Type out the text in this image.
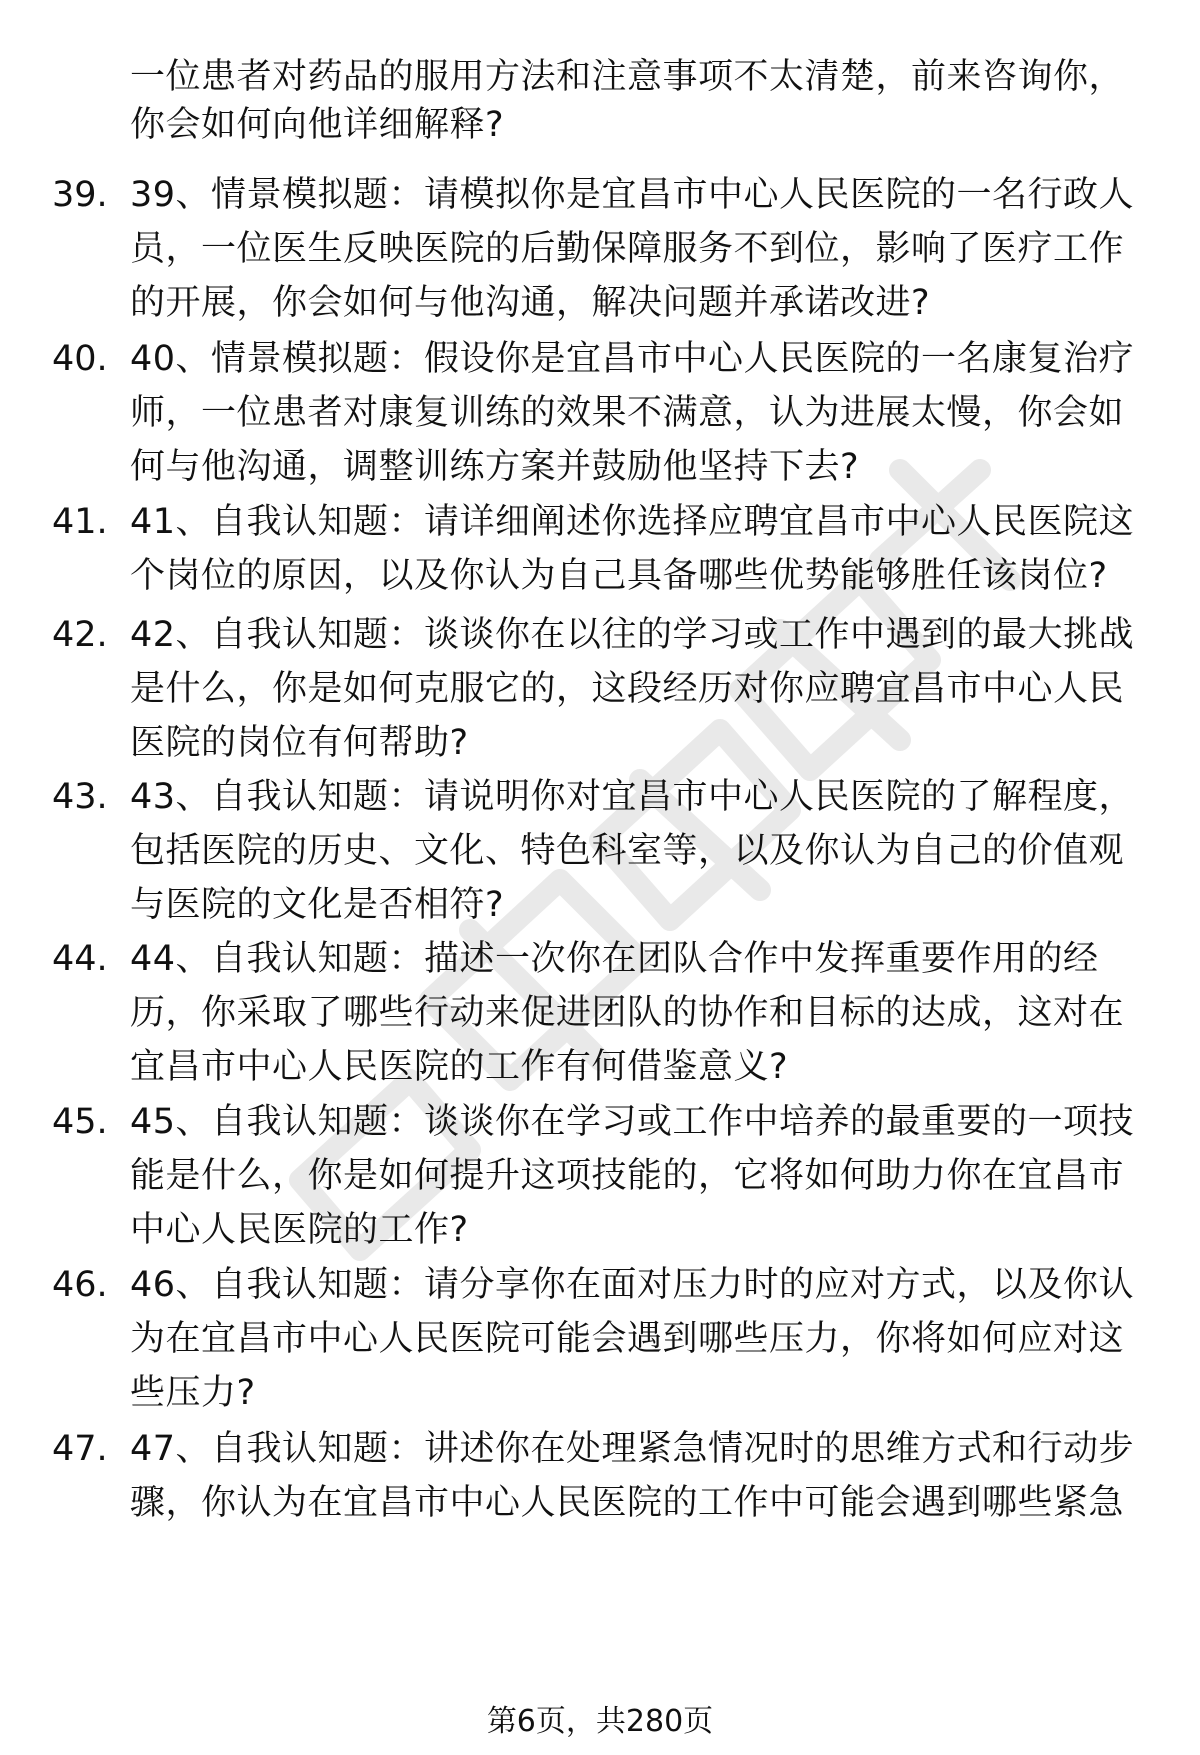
一位患者对药品的服用方法和注意事项不太清楚，前来咨询你，
你会如何向他详细解释?
39. 39、情景模拟题：请模拟你是宜昌市中心人民医院的一名行政人
员，一位医生反映医院的后勤保障服务不到位，影响了医疗工作
的开展，你会如何与他沟通，解决问题并承诺改进?
40. 40、情景模拟题：假设你是宜昌市中心人民医院的一名康复治疗
师，一位患者对康复训练的效果不满意，认为进展太慢，你会如
何与他沟通，调整训练方案并鼓励他坚持下去?
41. 41、自我认知题：请详细阐述你选择应聘宜昌市中心人民医院这
个岗位的原因，以及你认为自己具备哪些优势能够胜任该岗位?
42. 42、自我认知题：谈谈你在以往的学习或工作中遇到的最大挑战
是什么，你是如何克服它的，这段经历对你应聘宜昌市中心人民
医院的岗位有何帮助?
43. 43、自我认知题：请说明你对宜昌市中心人民医院的了解程度，
包括医院的历史、文化、特色科室等，以及你认为自己的价值观
与医院的文化是否相符?
44. 44、自我认知题：描述一次你在团队合作中发挥重要作用的经
历，你采取了哪些行动来促进团队的协作和目标的达成，这对在
宜昌市中心人民医院的工作有何借鉴意义?
45. 45、自我认知题：谈谈你在学习或工作中培养的最重要的一项技
能是什么，你是如何提升这项技能的，它将如何助力你在宜昌市
中心人民医院的工作?
46. 46、自我认知题：请分享你在面对压力时的应对方式，以及你认
为在宜昌市中心人民医院可能会遇到哪些压力，你将如何应对这
些压力?
47. 47、自我认知题：讲述你在处理紧急情况时的思维方式和行动步
骤，你认为在宜昌市中心人民医院的工作中可能会遇到哪些紧急
第6页，共280页
